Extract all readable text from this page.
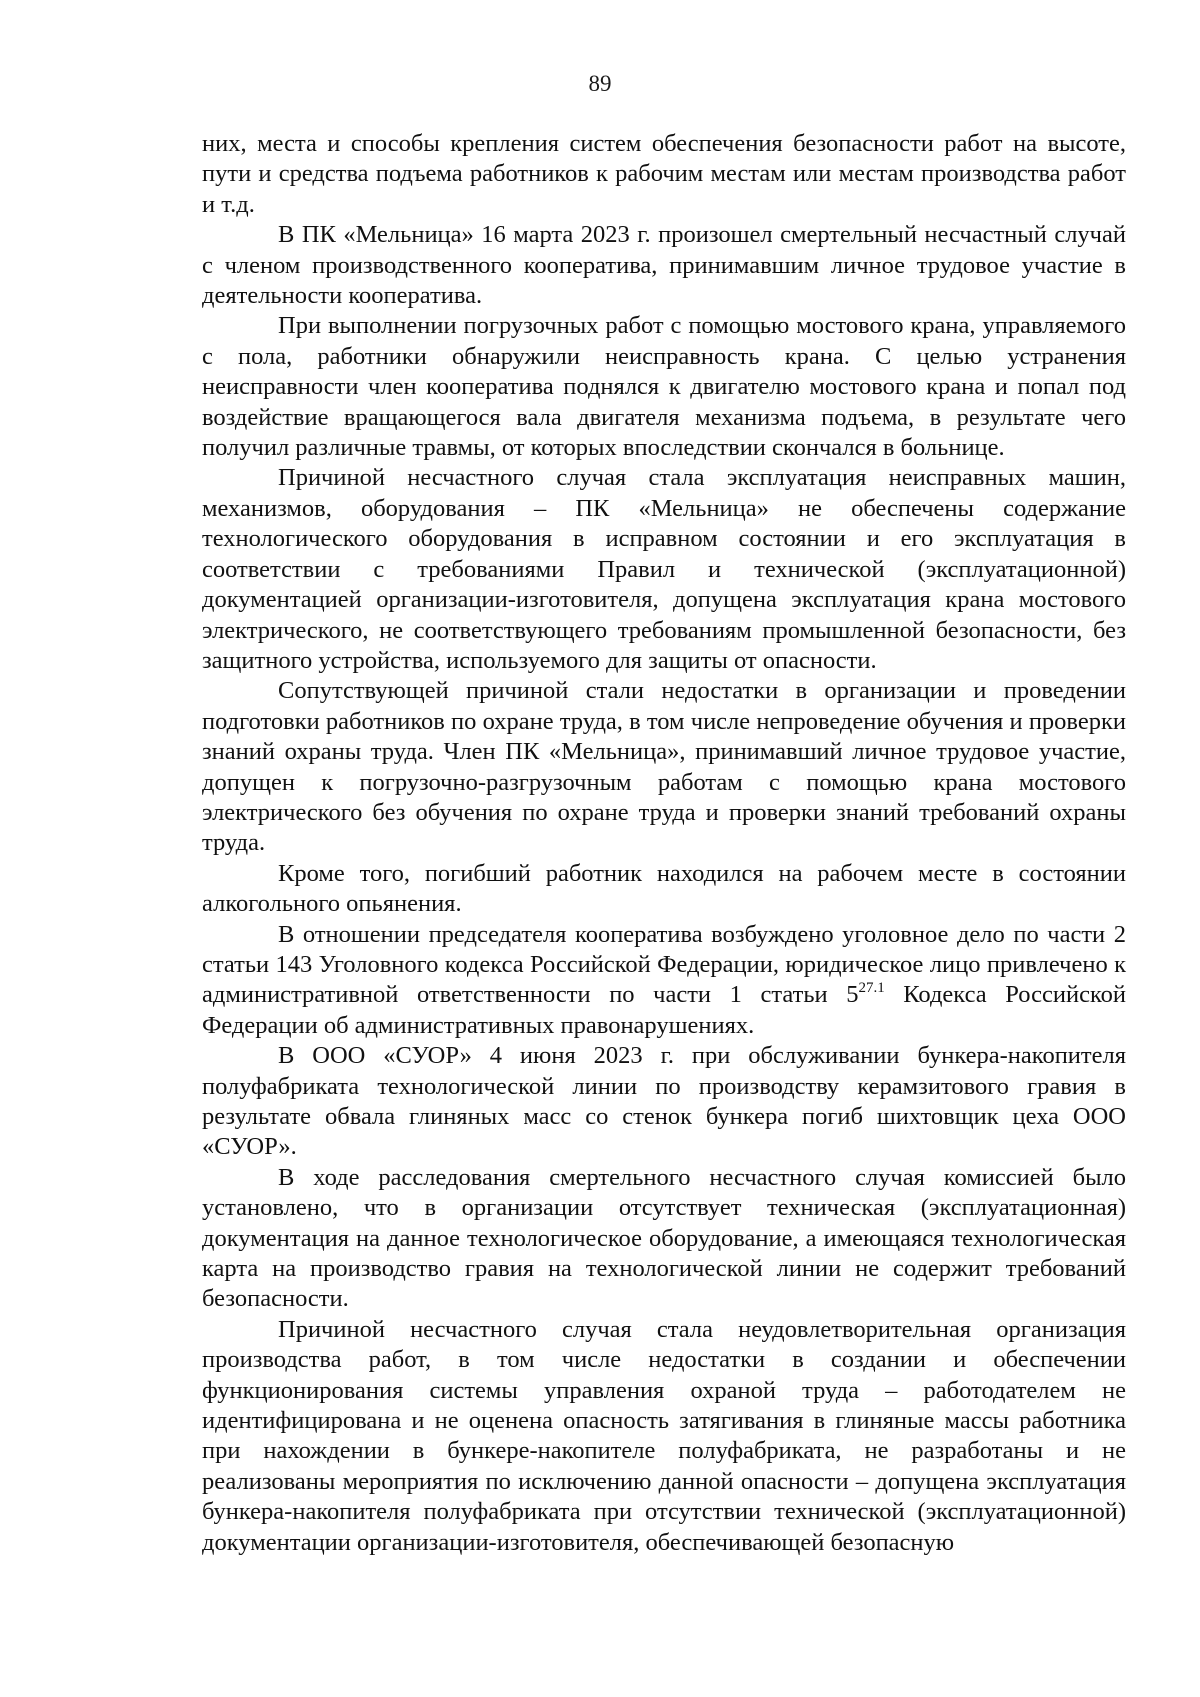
89

них, места и способы крепления систем обеспечения безопасности работ на высоте, пути и средства подъема работников к рабочим местам или местам производства работ и т.д.

В ПК «Мельница» 16 марта 2023 г. произошел смертельный несчастный случай с членом производственного кооператива, принимавшим личное трудовое участие в деятельности кооператива.

При выполнении погрузочных работ с помощью мостового крана, управляемого с пола, работники обнаружили неисправность крана. С целью устранения неисправности член кооператива поднялся к двигателю мостового крана и попал под воздействие вращающегося вала двигателя механизма подъема, в результате чего получил различные травмы, от которых впоследствии скончался в больнице.

Причиной несчастного случая стала эксплуатация неисправных машин, механизмов, оборудования – ПК «Мельница» не обеспечены содержание технологического оборудования в исправном состоянии и его эксплуатация в соответствии с требованиями Правил и технической (эксплуатационной) документацией организации-изготовителя, допущена эксплуатация крана мостового электрического, не соответствующего требованиям промышленной безопасности, без защитного устройства, используемого для защиты от опасности.

Сопутствующей причиной стали недостатки в организации и проведении подготовки работников по охране труда, в том числе непроведение обучения и проверки знаний охраны труда. Член ПК «Мельница», принимавший личное трудовое участие, допущен к погрузочно-разгрузочным работам с помощью крана мостового электрического без обучения по охране труда и проверки знаний требований охраны труда.

Кроме того, погибший работник находился на рабочем месте в состоянии алкогольного опьянения.

В отношении председателя кооператива возбуждено уголовное дело по части 2 статьи 143 Уголовного кодекса Российской Федерации, юридическое лицо привлечено к административной ответственности по части 1 статьи $5^{27.1}$ Кодекса Российской Федерации об административных правонарушениях.

В ООО «СУОР» 4 июня 2023 г. при обслуживании бункера-накопителя полуфабриката технологической линии по производству керамзитового гравия в результате обвала глиняных масс со стенок бункера погиб шихтовщик цеха ООО «СУОР».

В ходе расследования смертельного несчастного случая комиссией было установлено, что в организации отсутствует техническая (эксплуатационная) документация на данное технологическое оборудование, а имеющаяся технологическая карта на производство гравия на технологической линии не содержит требований безопасности.

Причиной несчастного случая стала неудовлетворительная организация производства работ, в том числе недостатки в создании и обеспечении функционирования системы управления охраной труда – работодателем не идентифицирована и не оценена опасность затягивания в глиняные массы работника при нахождении в бункере-накопителе полуфабриката, не разработаны и не реализованы мероприятия по исключению данной опасности – допущена эксплуатация бункера-накопителя полуфабриката при отсутствии технической (эксплуатационной) документации организации-изготовителя, обеспечивающей безопасную
